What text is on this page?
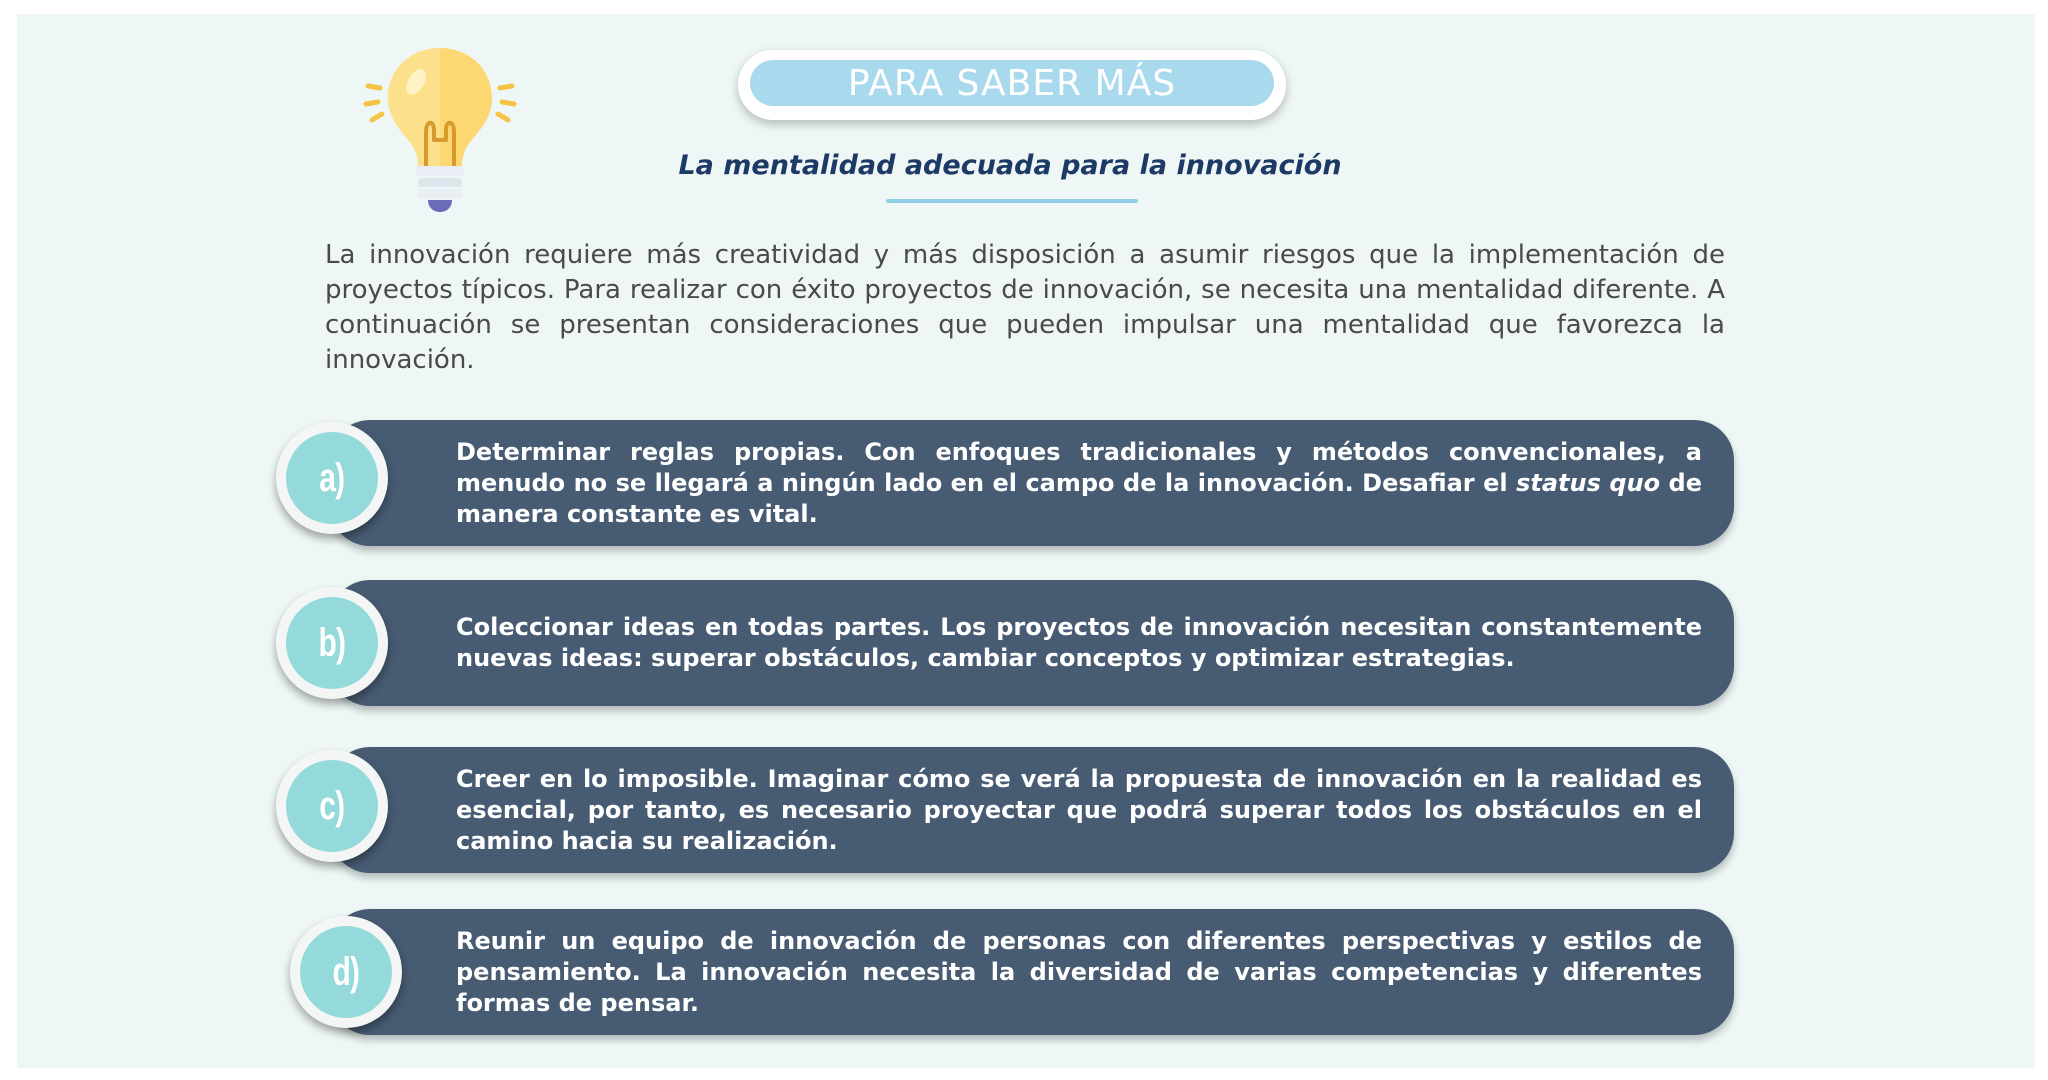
PARA SABER MÁS
La mentalidad adecuada para la innovación
La innovación requiere más creatividad y más disposición a asumir riesgos que la implementación de proyectos típicos. Para realizar con éxito proyectos de innovación, se necesita una mentalidad diferente. A continuación se presentan consideraciones que pueden impulsar una mentalidad que favorezca la innovación.

Determinar reglas propias. Con enfoques tradicionales y métodos convencionales, a menudo no se llegará a ningún lado en el campo de la innovación. Desafiar el status quo de manera constante es vital.

a)

Coleccionar ideas en todas partes. Los proyectos de innovación necesitan constantemente nuevas ideas: superar obstáculos, cambiar conceptos y optimizar estrategias.

b)

Creer en lo imposible. Imaginar cómo se verá la propuesta de innovación en la realidad es esencial, por tanto, es necesario proyectar que podrá superar todos los obstáculos en el camino hacia su realización.

c)

Reunir un equipo de innovación de personas con diferentes perspectivas y estilos de pensamiento. La innovación necesita la diversidad de varias competencias y diferentes formas de pensar.

d)
